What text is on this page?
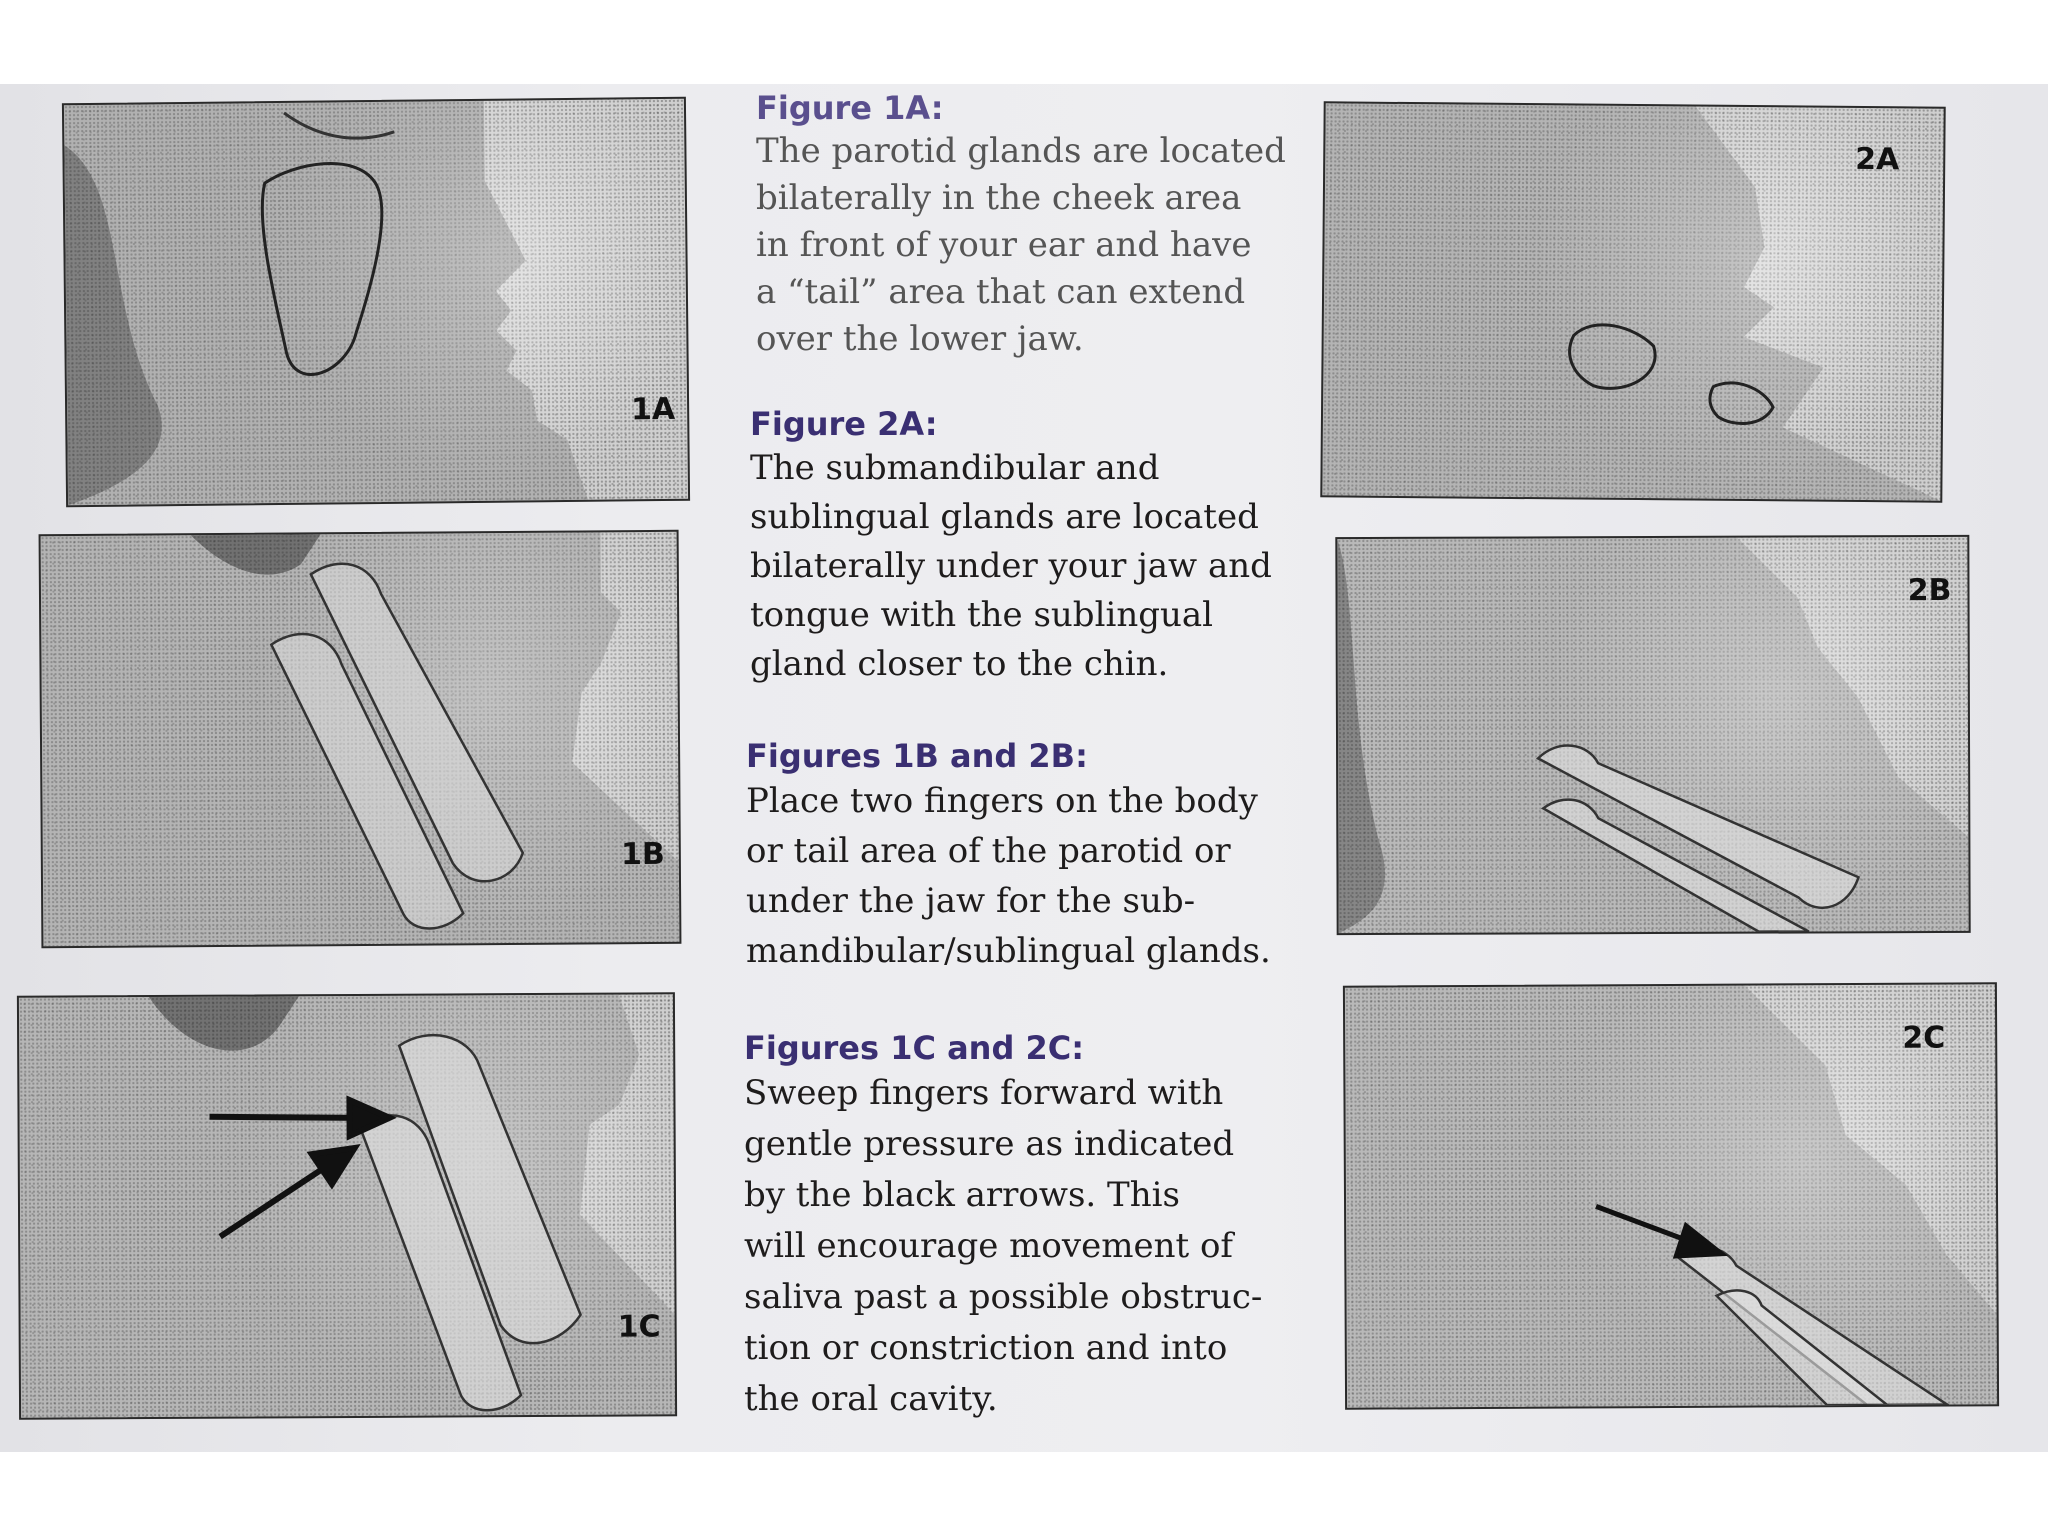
1A
1B
1C
2A
2B
2C

Figure 1A:

The parotid glands are located
bilaterally in the cheek area
in front of your ear and have
a “tail” area that can extend
over the lower jaw.

Figure 2A:

The submandibular and
sublingual glands are located
bilaterally under your jaw and
tongue with the sublingual
gland closer to the chin.

Figures 1B and 2B:

Place two fingers on the body
or tail area of the parotid or
under the jaw for the sub-
mandibular/sublingual glands.

Figures 1C and 2C:

Sweep fingers forward with
gentle pressure as indicated
by the black arrows. This
will encourage movement of
saliva past a possible obstruc-
tion or constriction and into
the oral cavity.
